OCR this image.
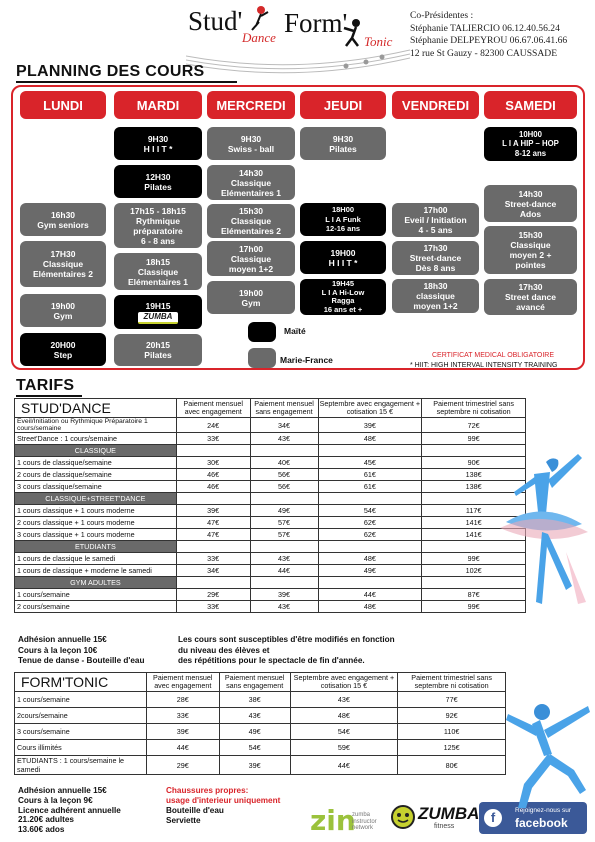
Stud'
Dance Form'
Tonic
Co-Présidentes :
Stéphanie TALIERCIO 06.12.40.56.24
Stéphanie DELPEYROU 06.67.06.41.66
12 rue St Gauzy - 82300 CAUSSADE
PLANNING DES COURS
LUNDI	MARDI	MERCREDI	JEUDI	VENDREDI	SAMEDI
16h30
Gym seniors
17H30
Classique
Elémentaires 2
19h00
Gym
20H00
Step
9H30
H I I T *
12H30
Pilates
17h15 - 18h15
Rythmique
préparatoire
6 - 8 ans
18h15
Classique
Elémentaires 1
19H15
ZUMBA
20h15
Pilates
9H30
Swiss - ball
14h30
Classique
Elémentaires 1
15h30
Classique
Elémentaires 2
17h00
Classique
moyen 1+2
19h00
Gym
9H30
Pilates
18H00
L I A Funk
12-16 ans
19H00
H I I T *
19H45
L I A Hi-Low
Ragga
16 ans et +
17h00
Eveil / Initiation
4 - 5 ans
17h30
Street-dance
Dès 8 ans
18h30
classique
moyen 1+2
10H00
L I A HIP – HOP
8-12 ans
14h30
Street-dance
Ados
15h30
Classique
moyen 2 +
pointes
17h30
Street dance
avancé
Maïté
Marie-France	CERTIFICAT MEDICAL OBLIGATOIRE
* HIIT: HIGH INTERVAL INTENSITY TRAINING
TARIFS
STUD'DANCE	Paiement mensuel avec engagement	Paiement mensuel sans engagement	Septembre avec engagement + cotisation 15 €	Paiement trimestriel sans septembre ni cotisation
Eveil/Initiation ou Rythmique Préparatoire 1 cours/semaine	24€	34€	39€	72€
Street'Dance : 1 cours/semaine	33€	43€	48€	99€
CLASSIQUE				
1 cours de classique/semaine	30€	40€	45€	90€
2 cours de classique/semaine	46€	56€	61€	138€
3 cours classique/semaine	46€	56€	61€	138€
CLASSIQUE+STREET'DANCE				
1 cours classique + 1 cours moderne	39€	49€	54€	117€
2 cours classique + 1 cours moderne	47€	57€	62€	141€
3 cours classique + 1 cours moderne	47€	57€	62€	141€
ETUDIANTS				
1 cours de classique le samedi	33€	43€	48€	99€
1 cours de classique + moderne le samedi	34€	44€	49€	102€
GYM ADULTES				
1 cours/semaine	29€	39€	44€	87€
2 cours/semaine	33€	43€	48€	99€
Adhésion annuelle 15€
Cours à la leçon 10€
Tenue de danse - Bouteille d'eau
Les cours sont susceptibles d'être modifiés en fonction
du niveau des élèves et
des répétitions pour le spectacle de fin d'année.
FORM'TONIC	Paiement mensuel avec engagement	Paiement mensuel sans engagement	Septembre avec engagement + cotisation 15 €	Paiement trimestriel sans septembre ni cotisation
1 cours/semaine	28€	38€	43€	77€
2cours/semaine	33€	43€	48€	92€
3 cours/semaine	39€	49€	54€	110€
Cours illimités	44€	54€	59€	125€
ETUDIANTS : 1 cours/semaine le samedi	29€	39€	44€	80€
Adhésion annuelle 15€
Cours à la leçon 9€
Licence adhérent annuelle
21.20€ adultes
13.60€ ados
Chaussures propres:
usage d'interieur uniquement
Bouteille d'eau
Serviette	zin
zumba
instructor
network
ZUMBA
fitness
f	Rejoignez-nous sur
facebook
